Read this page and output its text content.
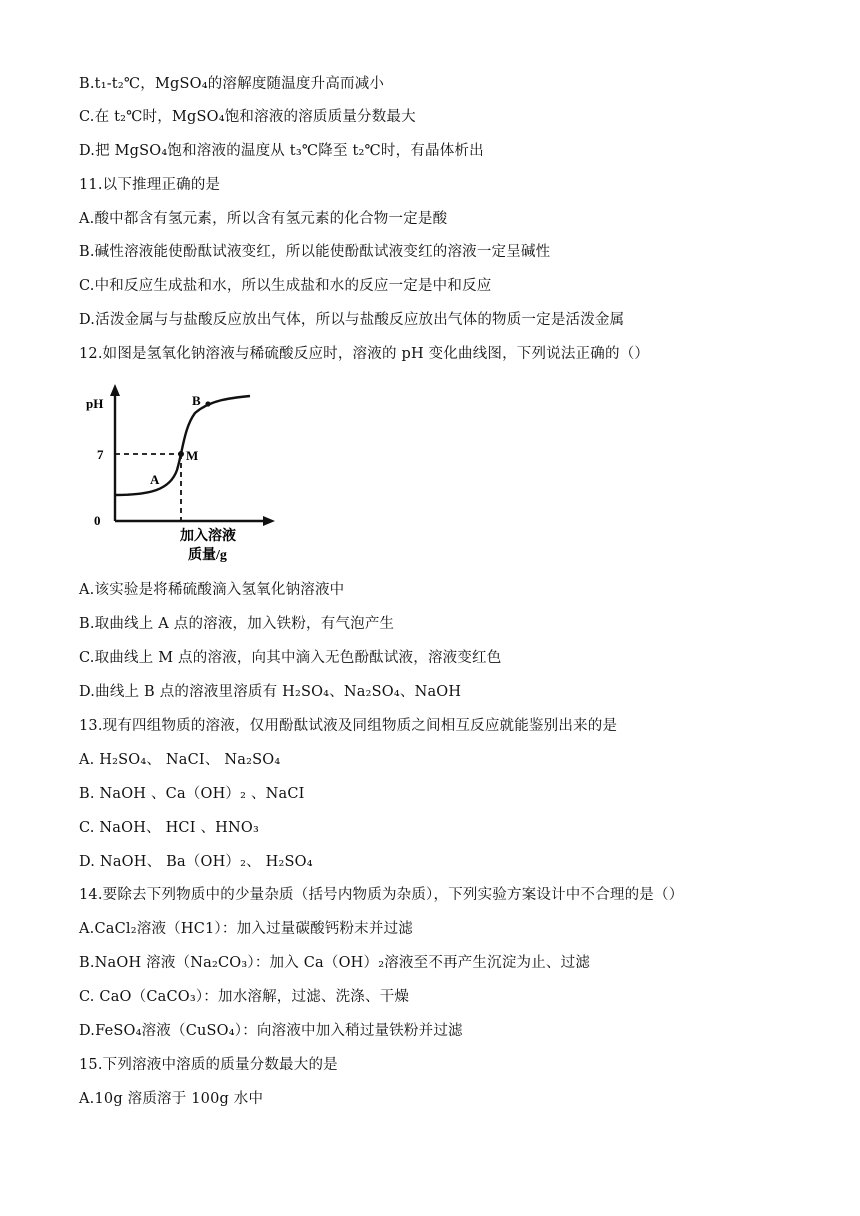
B.t₁-t₂℃，MgSO₄的溶解度随温度升高而减小
C.在 t₂℃时，MgSO₄饱和溶液的溶质质量分数最大
D.把 MgSO₄饱和溶液的温度从 t₃℃降至 t₂℃时，有晶体析出
11.以下推理正确的是
A.酸中都含有氢元素，所以含有氢元素的化合物一定是酸
B.碱性溶液能使酚酞试液变红，所以能使酚酞试液变红的溶液一定呈碱性
C.中和反应生成盐和水，所以生成盐和水的反应一定是中和反应
D.活泼金属与与盐酸反应放出气体，所以与盐酸反应放出气体的物质一定是活泼金属
12.如图是氢氧化钠溶液与稀硫酸反应时，溶液的 pH 变化曲线图，下列说法正确的（）
pH
7
0
A
M
B
加入溶液
质量/g
A.该实验是将稀硫酸滴入氢氧化钠溶液中
B.取曲线上 A 点的溶液，加入铁粉，有气泡产生
C.取曲线上 M 点的溶液，向其中滴入无色酚酞试液，溶液变红色
D.曲线上 B 点的溶液里溶质有 H₂SO₄、Na₂SO₄、NaOH
13.现有四组物质的溶液，仅用酚酞试液及同组物质之间相互反应就能鉴别出来的是
A. H₂SO₄、 NaCI、 Na₂SO₄
B. NaOH 、Ca（OH）₂ 、NaCI
C. NaOH、 HCI 、HNO₃
D. NaOH、 Ba（OH）₂、 H₂SO₄
14.要除去下列物质中的少量杂质（括号内物质为杂质），下列实验方案设计中不合理的是（）
A.CaCl₂溶液（HC1）：加入过量碳酸钙粉末并过滤
B.NaOH 溶液（Na₂CO₃）：加入 Ca（OH）₂溶液至不再产生沉淀为止、过滤
C. CaO（CaCO₃）：加水溶解，过滤、洗涤、干燥
D.FeSO₄溶液（CuSO₄）：向溶液中加入稍过量铁粉并过滤
15.下列溶液中溶质的质量分数最大的是
A.10g 溶质溶于 100g 水中
